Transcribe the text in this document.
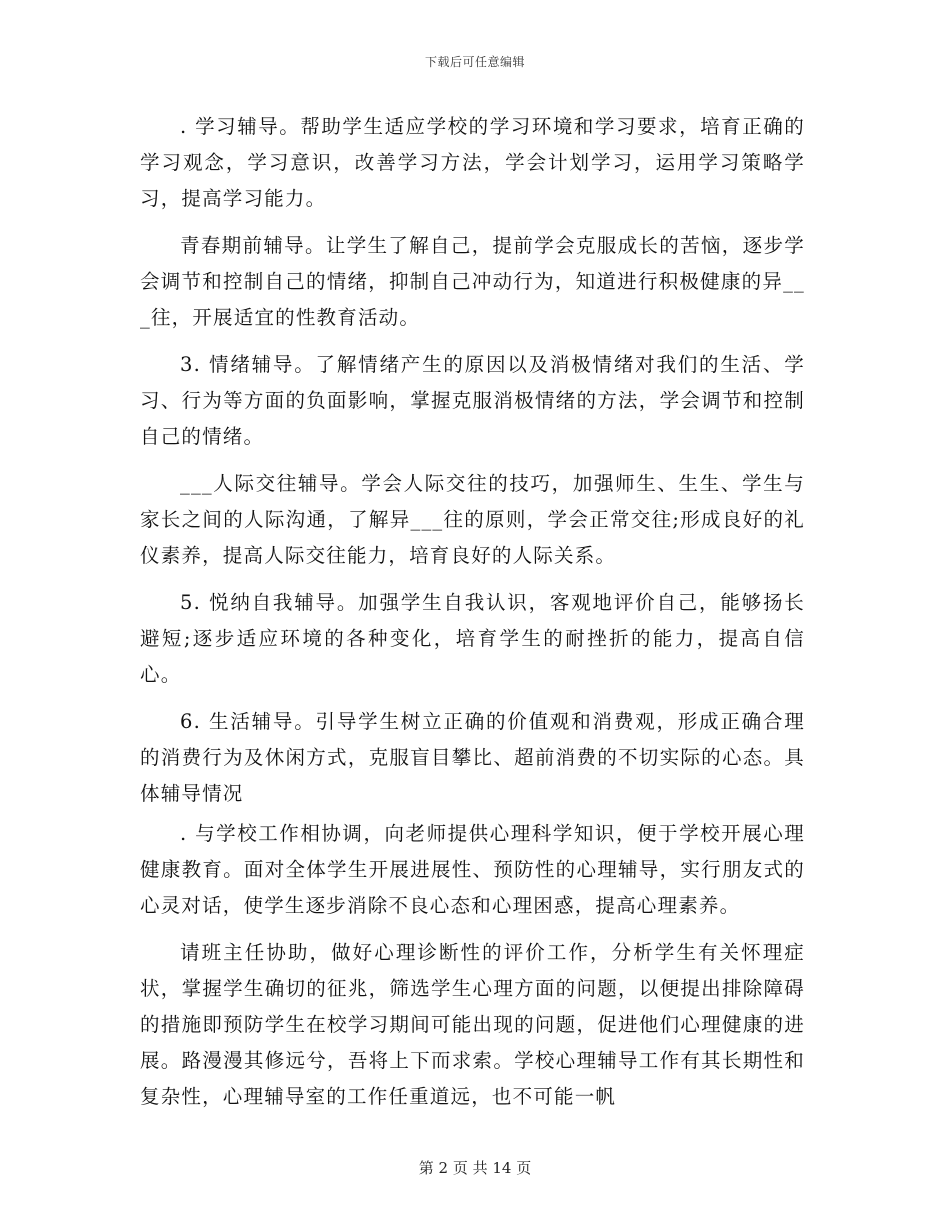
下载后可任意编辑

. 学习辅导。帮助学生适应学校的学习环境和学习要求，培育正确的学习观念，学习意识，改善学习方法，学会计划学习，运用学习策略学习，提高学习能力。

青春期前辅导。让学生了解自己，提前学会克服成长的苦恼，逐步学会调节和控制自己的情绪，抑制自己冲动行为，知道进行积极健康的异___往，开展适宜的性教育活动。

3. 情绪辅导。了解情绪产生的原因以及消极情绪对我们的生活、学习、行为等方面的负面影响，掌握克服消极情绪的方法，学会调节和控制自己的情绪。

___人际交往辅导。学会人际交往的技巧，加强师生、生生、学生与家长之间的人际沟通，了解异___往的原则，学会正常交往;形成良好的礼仪素养，提高人际交往能力，培育良好的人际关系。

5. 悦纳自我辅导。加强学生自我认识，客观地评价自己，能够扬长避短;逐步适应环境的各种变化，培育学生的耐挫折的能力，提高自信心。

6. 生活辅导。引导学生树立正确的价值观和消费观，形成正确合理的消费行为及休闲方式，克服盲目攀比、超前消费的不切实际的心态。具体辅导情况

. 与学校工作相协调，向老师提供心理科学知识，便于学校开展心理健康教育。面对全体学生开展进展性、预防性的心理辅导，实行朋友式的心灵对话，使学生逐步消除不良心态和心理困惑，提高心理素养。

请班主任协助，做好心理诊断性的评价工作，分析学生有关怀理症状，掌握学生确切的征兆，筛选学生心理方面的问题，以便提出排除障碍的措施即预防学生在校学习期间可能出现的问题，促进他们心理健康的进展。路漫漫其修远兮，吾将上下而求索。学校心理辅导工作有其长期性和复杂性，心理辅导室的工作任重道远，也不可能一帆

第 2 页 共 14 页
